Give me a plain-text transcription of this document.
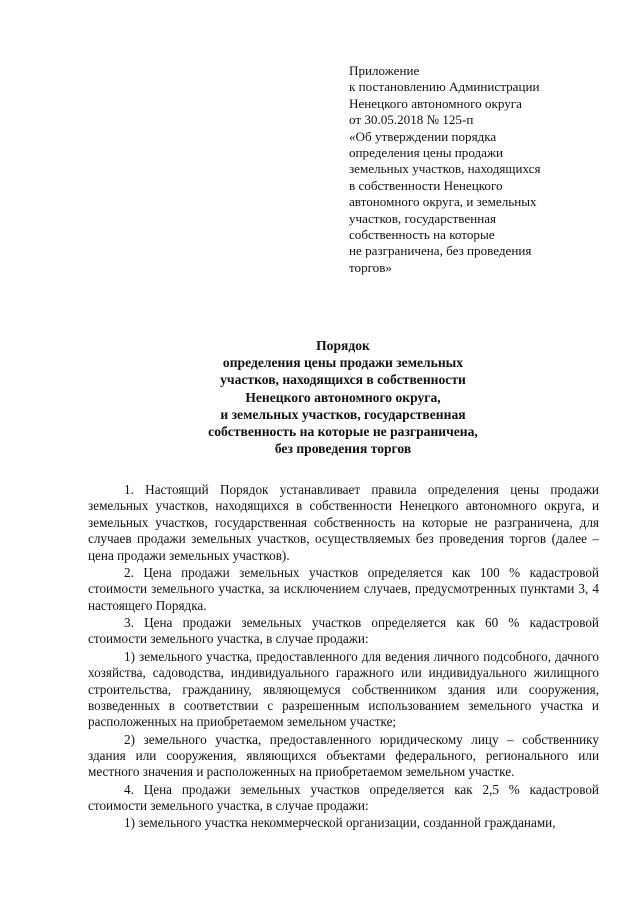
Приложение
к постановлению Администрации
Ненецкого автономного округа
от 30.05.2018 № 125-п
«Об утверждении порядка
определения цены продажи
земельных участков, находящихся
в собственности Ненецкого
автономного округа, и земельных
участков, государственная
собственность на которые
не разграничена, без проведения
торгов»
Порядок
определения цены продажи земельных
участков, находящихся в собственности
Ненецкого автономного округа,
и земельных участков, государственная
собственность на которые не разграничена,
без проведения торгов

1. Настоящий Порядок устанавливает правила определения цены продажи земельных участков, находящихся в собственности Ненецкого автономного округа, и земельных участков, государственная собственность на которые не разграничена, для случаев продажи земельных участков, осуществляемых без проведения торгов (далее – цена продажи земельных участков).

2. Цена продажи земельных участков определяется как 100 % кадастровой стоимости земельного участка, за исключением случаев, предусмотренных пунктами 3, 4 настоящего Порядка.

3. Цена продажи земельных участков определяется как 60 % кадастровой стоимости земельного участка, в случае продажи:

1) земельного участка, предоставленного для ведения личного подсобного, дачного хозяйства, садоводства, индивидуального гаражного или индивидуального жилищного строительства, гражданину, являющемуся собственником здания или сооружения, возведенных в соответствии с разрешенным использованием земельного участка и расположенных на приобретаемом земельном участке;

2) земельного участка, предоставленного юридическому лицу – собственнику здания или сооружения, являющихся объектами федерального, регионального или местного значения и расположенных на приобретаемом земельном участке.

4. Цена продажи земельных участков определяется как 2,5 % кадастровой стоимости земельного участка, в случае продажи:

1) земельного участка некоммерческой организации, созданной гражданами,
